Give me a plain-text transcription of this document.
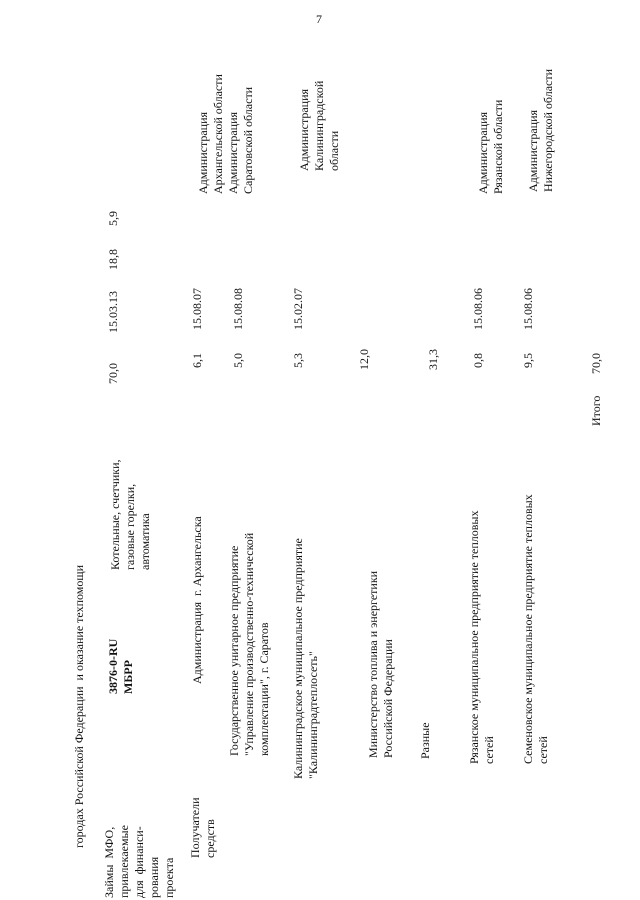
7
городах Российской Федерации  и оказание техпомощи
Займы  МФО,
привлекаемые
для  финанси-
рования
проекта
3876-0-RU
МБРР
Котельные, счетчики,
газовые горелки,
автоматика
70,0
15.03.13
18,8
5,9
Получатели
средств
Администрация  г. Архангельска
6,1
15.08.07
Администрация
Архангельской области
Государственное унитарное предприятие
"Управление производственно-технической
комплектации", г. Саратов
5,0
15.08.08
Администрация
Саратовской области
Калининградское муниципальное предприятие
"Калининградтеплосеть"
5,3
15.02.07
Администрация
Калининградской
области
Министерство топлива и энергетики
Российской Федерации
12,0
Разные
31,3
Рязанское муниципальное предприятие тепловых
сетей
0,8
15.08.06
Администрация
Рязанской области
Семеновское муниципальное предприятие тепловых
сетей
9,5
15.08.06
Администрация
Нижегородской области
Итого
70,0
